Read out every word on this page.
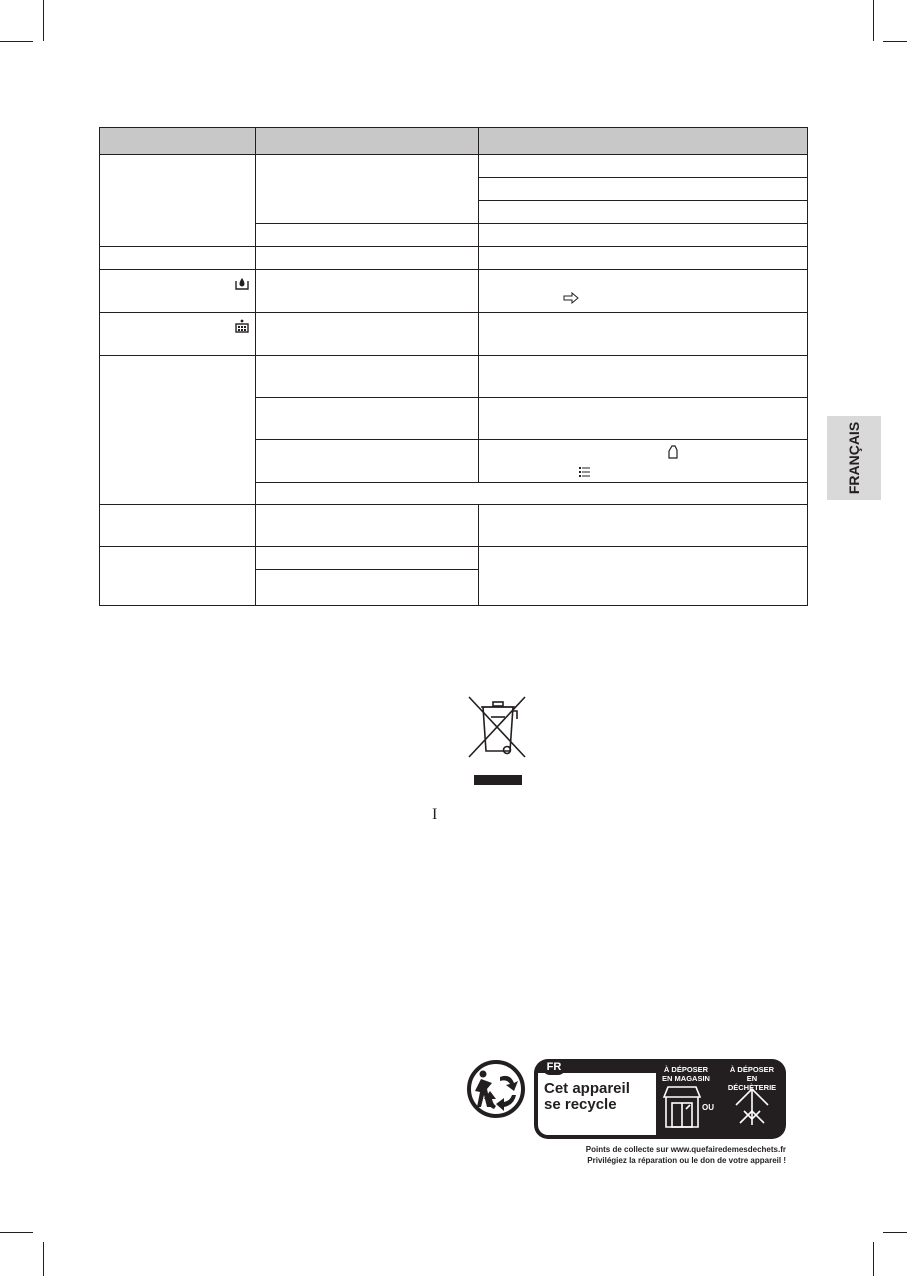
FRANÇAIS
I
FR
Cet appareil
se recycle
À DÉPOSER
EN MAGASIN
À DÉPOSER
EN DÉCHÈTERIE
OU
Points de collecte sur www.quefairedemesdechets.fr
Privilégiez la réparation ou le don de votre appareil !
